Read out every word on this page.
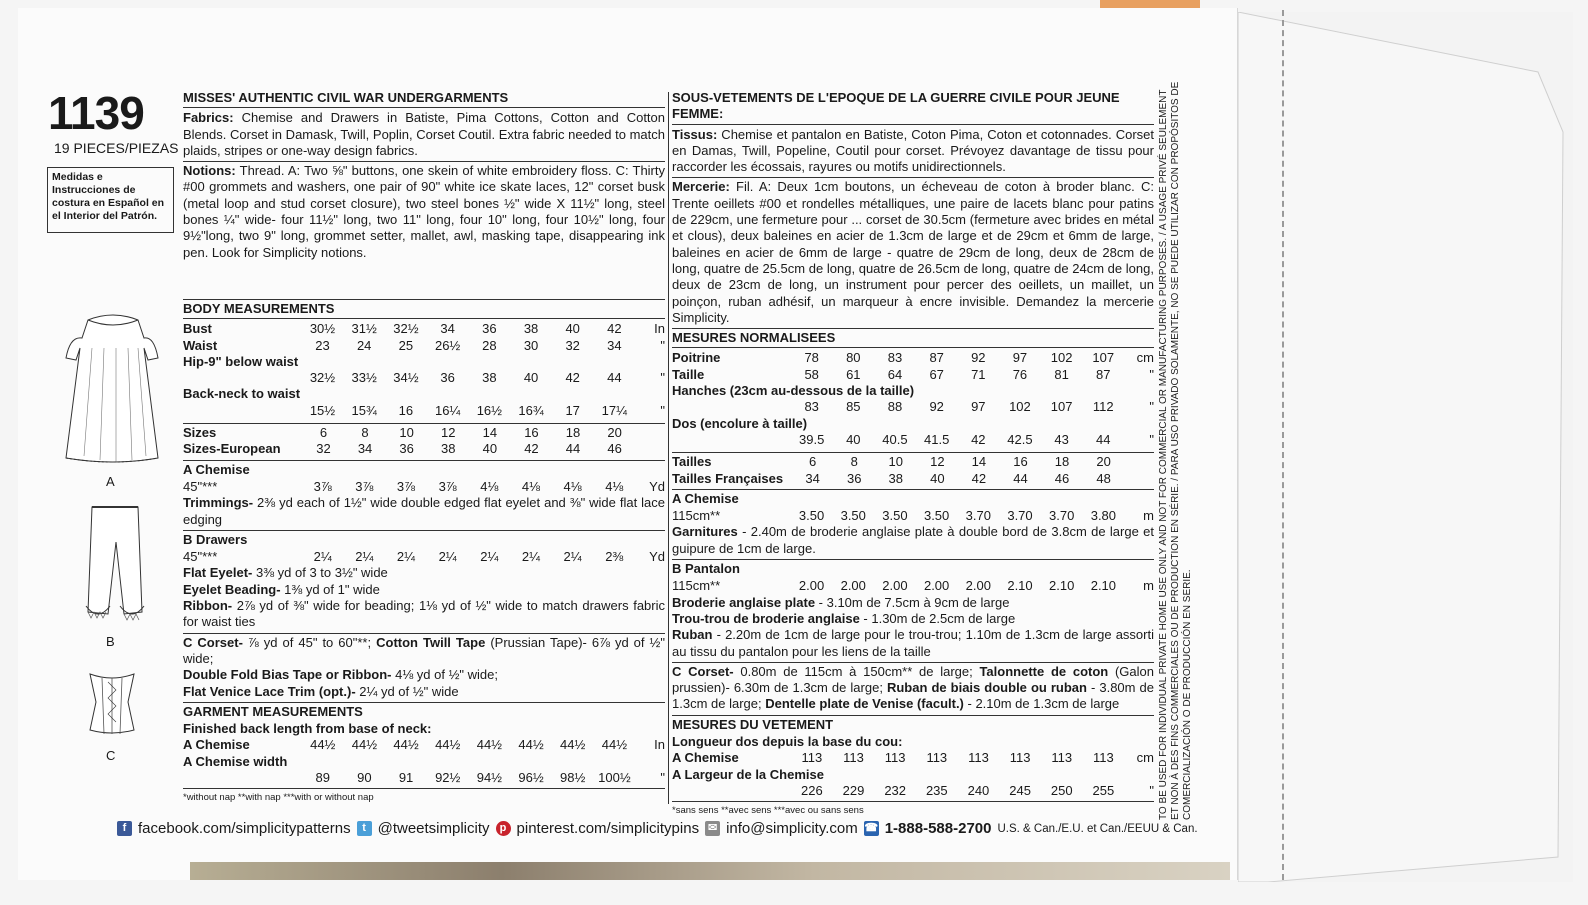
1139
19 PIECES/PIEZAS
Medidas e Instrucciones de costura en Español en el Interior del Patrón.
A
B
C
MISSES' AUTHENTIC CIVIL WAR UNDERGARMENTS
Fabrics: Chemise and Drawers in Batiste, Pima Cottons, Cotton and Cotton Blends. Corset in Damask, Twill, Poplin, Corset Coutil. Extra fabric needed to match plaids, stripes or one-way design fabrics.
Notions: Thread. A: Two ⅝" buttons, one skein of white embroidery floss. C: Thirty #00 grommets and washers, one pair of 90" white ice skate laces, 12" corset busk (metal loop and stud corset closure), two steel bones ½" wide X 11½" long, steel bones ¼" wide- four 11½" long, two 11" long, four 10" long, four 10½" long, four 9½"long, two 9" long, grommet setter, mallet, awl, masking tape, disappearing ink pen. Look for Simplicity notions.
BODY MEASUREMENTS
Bust	30½	31½	32½	34	36	38	40	42	In
Waist	23	24	25	26½	28	30	32	34	"
Hip-9" below waist									
	32½	33½	34½	36	38	40	42	44	"
Back-neck to waist									
	15½	15¾	16	16¼	16½	16¾	17	17¼	"
Sizes	6	8	10	12	14	16	18	20	
Sizes-European	32	34	36	38	40	42	44	46	
A Chemise
45"***	3⅞	3⅞	3⅞	3⅞	4⅛	4⅛	4⅛	4⅛	Yd
Trimmings- 2⅜ yd each of 1½" wide double edged flat eyelet and ⅜" wide flat lace edging
B Drawers
45"***	2¼	2¼	2¼	2¼	2¼	2¼	2¼	2⅜	Yd
Flat Eyelet- 3⅜ yd of 3 to 3½" wide
Eyelet Beading- 1⅜ yd of 1" wide
Ribbon- 2⅞ yd of ⅜" wide for beading; 1⅛ yd of ½" wide to match drawers fabric for waist ties
C Corset- ⅞ yd of 45" to 60"**; Cotton Twill Tape (Prussian Tape)- 6⅞ yd of ½" wide;
Double Fold Bias Tape or Ribbon- 4⅛ yd of ½" wide;
Flat Venice Lace Trim (opt.)- 2¼ yd of ½" wide
GARMENT MEASUREMENTS
Finished back length from base of neck:
A Chemise	44½	44½	44½	44½	44½	44½	44½	44½	In
A Chemise width									
	89	90	91	92½	94½	96½	98½	100½	"
*without nap **with nap ***with or without nap
SOUS-VETEMENTS DE L'EPOQUE DE LA GUERRE CIVILE POUR JEUNE FEMME:
Tissus: Chemise et pantalon en Batiste, Coton Pima, Coton et cotonnades. Corset en Damas, Twill, Popeline, Coutil pour corset. Prévoyez davantage de tissu pour raccorder les écossais, rayures ou motifs unidirectionnels.
Mercerie: Fil. A: Deux 1cm boutons, un écheveau de coton à broder blanc. C: Trente oeillets #00 et rondelles métalliques, une paire de lacets blanc pour patins de 229cm, une fermeture pour ... corset de 30.5cm (fermeture avec brides en métal et clous), deux baleines en acier de 1.3cm de large et de 29cm et 6mm de large, baleines en acier de 6mm de large - quatre de 29cm de long, deux de 28cm de long, quatre de 25.5cm de long, quatre de 26.5cm de long, quatre de 24cm de long, deux de 23cm de long, un instrument pour percer des oeillets, un maillet, un poinçon, ruban adhésif, un marqueur à encre invisible. Demandez la mercerie Simplicity.
MESURES NORMALISEES
Poitrine	78	80	83	87	92	97	102	107	cm
Taille	58	61	64	67	71	76	81	87	"
Hanches (23cm au-dessous de la taille)									
	83	85	88	92	97	102	107	112	"
Dos (encolure à taille)									
	39.5	40	40.5	41.5	42	42.5	43	44	"
Tailles	6	8	10	12	14	16	18	20	
Tailles Françaises	34	36	38	40	42	44	46	48	
A Chemise
115cm**	3.50	3.50	3.50	3.50	3.70	3.70	3.70	3.80	m
Garnitures - 2.40m de broderie anglaise plate à double bord de 3.8cm de large et guipure de 1cm de large.
B Pantalon
115cm**	2.00	2.00	2.00	2.00	2.00	2.10	2.10	2.10	m
Broderie anglaise plate - 3.10m de 7.5cm à 9cm de large
Trou-trou de broderie anglaise - 1.30m de 2.5cm de large
Ruban - 2.20m de 1cm de large pour le trou-trou; 1.10m de 1.3cm de large assorti au tissu du pantalon pour les liens de la taille
C Corset- 0.80m de 115cm à 150cm** de large; Talonnette de coton (Galon prussien)- 6.30m de 1.3cm de large; Ruban de biais double ou ruban - 3.80m de 1.3cm de large; Dentelle plate de Venise (facult.) - 2.10m de 1.3cm de large
MESURES DU VETEMENT
Longueur dos depuis la base du cou:
A Chemise	113	113	113	113	113	113	113	113	cm
A Largeur de la Chemise									
	226	229	232	235	240	245	250	255	"
*sans sens **avec sens ***avec ou sans sens	TO BE USED FOR INDIVIDUAL PRIVATE HOME USE ONLY AND NOT FOR COMMERCIAL OR MANUFACTURING PURPOSES. / A USAGE PRIVÉ SEULEMENT ET NON À DES FINS COMMERCIALES OU DE PRODUCTION EN SÉRIE. / PARA USO PRIVADO SOLAMENTE, NO SE PUEDE UTILIZAR CON PROPÓSITOS DE COMERCIALIZACIÓN O DE PRODUCCIÓN EN SERIE.
f facebook.com/simplicitypatterns	t @tweetsimplicity p pinterest.com/simplicitypins ✉ info@simplicity.com ☎ 1-888-588-2700 U.S. & Can./E.U. et Can./EEUU & Can.
